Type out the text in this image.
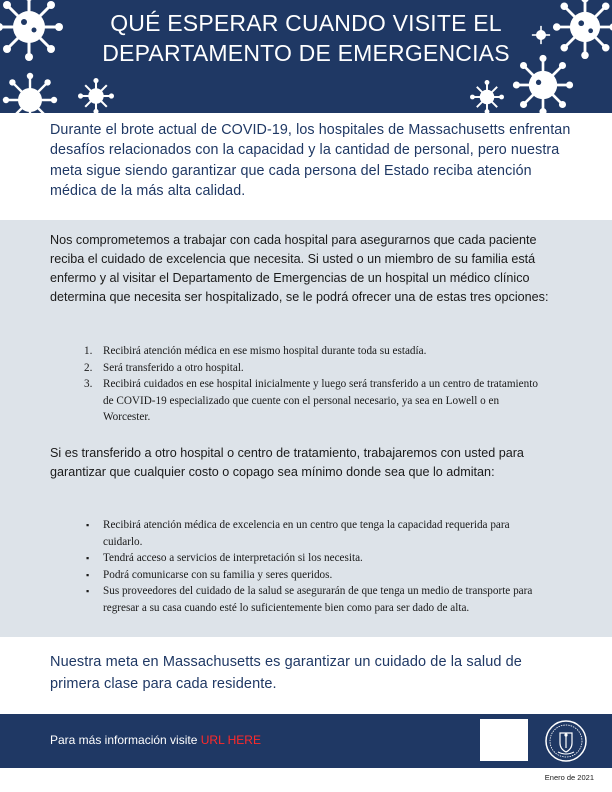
QUÉ ESPERAR CUANDO VISITE EL
DEPARTAMENTO DE EMERGENCIAS

Durante el brote actual de COVID-19, los hospitales de Massachusetts enfrentan desafíos relacionados con la capacidad y la cantidad de personal, pero nuestra meta sigue siendo garantizar que cada persona del Estado reciba atención médica de la más alta calidad.

Nos comprometemos a trabajar con cada hospital para asegurarnos que cada paciente reciba el cuidado de excelencia que necesita. Si usted o un miembro de su familia está enfermo y al visitar el Departamento de Emergencias de un hospital un médico clínico determina que necesita ser hospitalizado, se le podrá ofrecer una de estas tres opciones:

1. Recibirá atención médica en ese mismo hospital durante toda su estadía.
2. Será transferido a otro hospital.
3. Recibirá cuidados en ese hospital inicialmente y luego será transferido a un centro de tratamiento de COVID-19 especializado que cuente con el personal necesario, ya sea en Lowell o en Worcester.

Si es transferido a otro hospital o centro de tratamiento, trabajaremos con usted para garantizar que cualquier costo o copago sea mínimo donde sea que lo admitan:

▪ Recibirá atención médica de excelencia en un centro que tenga la capacidad requerida para cuidarlo.
▪ Tendrá acceso a servicios de interpretación si los necesita.
▪ Podrá comunicarse con su familia y seres queridos.
▪ Sus proveedores del cuidado de la salud se asegurarán de que tenga un medio de transporte para regresar a su casa cuando esté lo suficientemente bien como para ser dado de alta.

Nuestra meta en Massachusetts es garantizar un cuidado de la salud de primera clase para cada residente.

Para más información visite URL HERE
Enero de 2021
